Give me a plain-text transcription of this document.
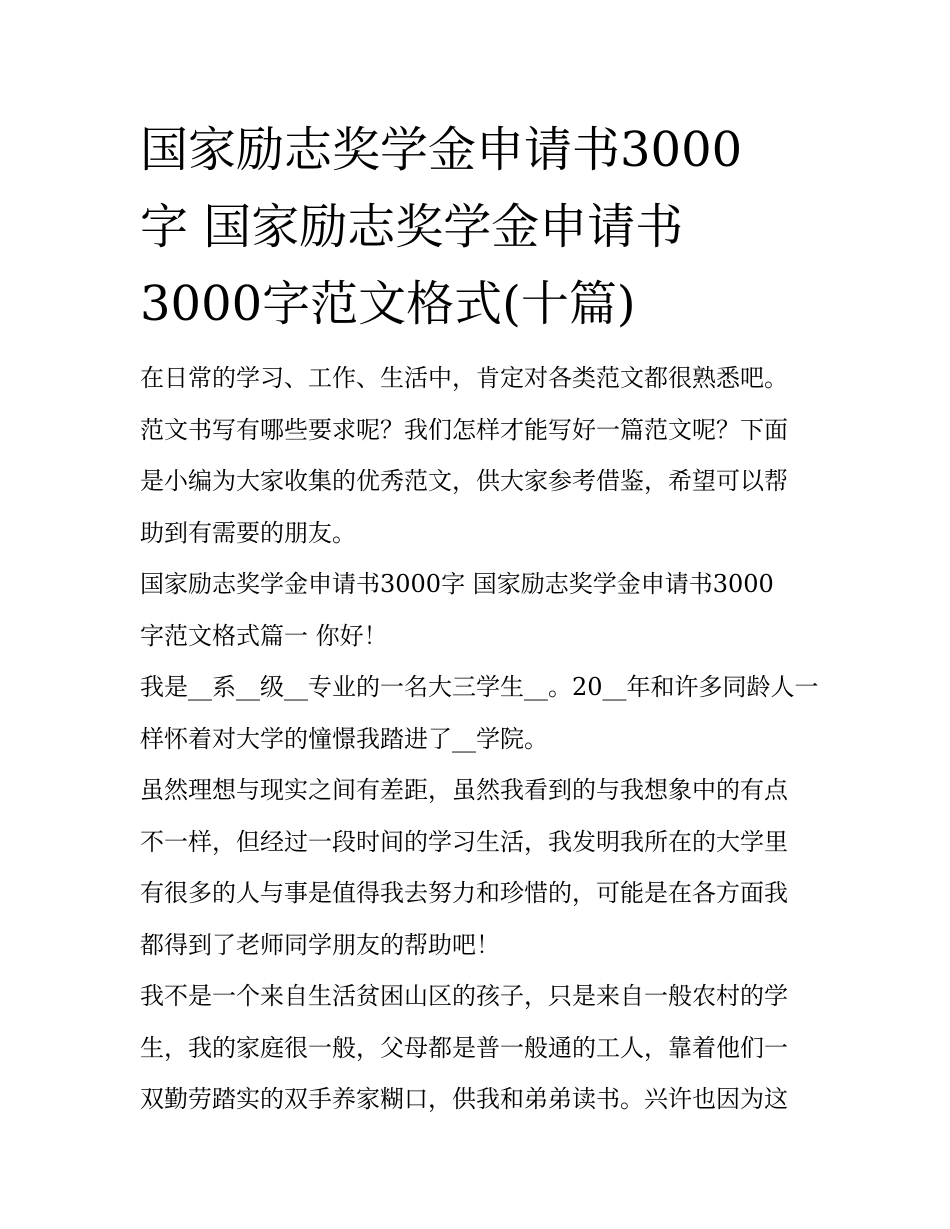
国家励志奖学金申请书3000
字 国家励志奖学金申请书
3000字范文格式(十篇)
在日常的学习、工作、生活中，肯定对各类范文都很熟悉吧。
范文书写有哪些要求呢？我们怎样才能写好一篇范文呢？下面
是小编为大家收集的优秀范文，供大家参考借鉴，希望可以帮
助到有需要的朋友。
国家励志奖学金申请书3000字 国家励志奖学金申请书3000
字范文格式篇一 你好！
我是__系__级__专业的一名大三学生__。20__年和许多同龄人一
样怀着对大学的憧憬我踏进了__学院。
虽然理想与现实之间有差距，虽然我看到的与我想象中的有点
不一样，但经过一段时间的学习生活，我发明我所在的大学里
有很多的人与事是值得我去努力和珍惜的，可能是在各方面我
都得到了老师同学朋友的帮助吧！
我不是一个来自生活贫困山区的孩子，只是来自一般农村的学
生，我的家庭很一般，父母都是普一般通的工人，靠着他们一
双勤劳踏实的双手养家糊口，供我和弟弟读书。兴许也因为这
